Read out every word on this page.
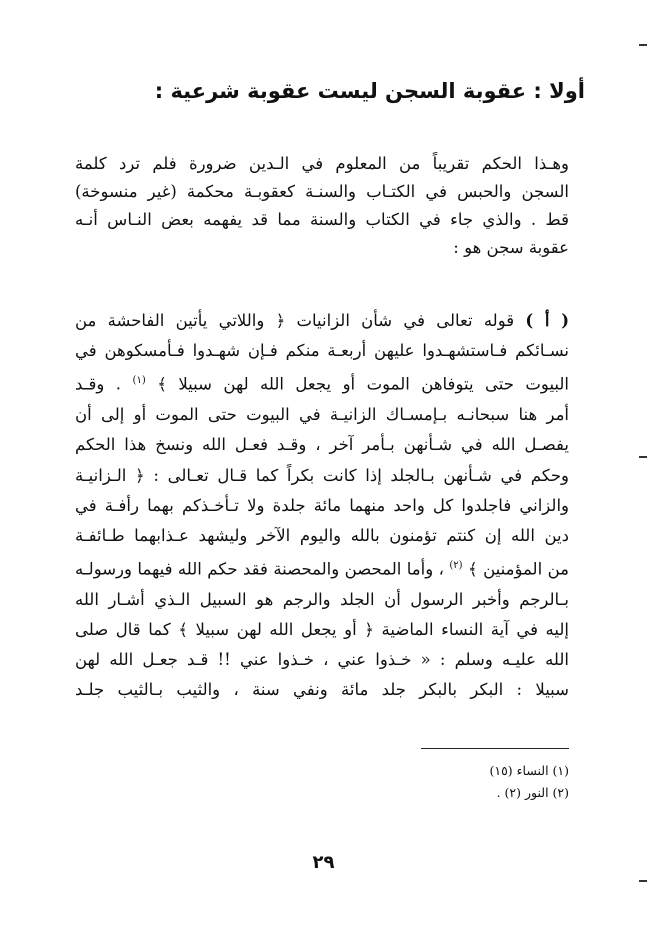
أولا : عقوبة السجن ليست عقوبة شرعية :
وهـذا الحكم تقريباً من المعلوم في الـدين ضرورة فلم ترد كلمة
السجن والحبس في الكتـاب والسنـة كعقوبـة محكمة (غير منسوخة)
قط . والذي جاء في الكتاب والسنة مما قد يفهمه بعض النـاس أنـه
عقوبة سجن هو :
( أ ) قوله تعالى في شأن الزانيات ﴿ واللاتي يأتين الفاحشة من
نسـائكم فـاستشهـدوا عليهن أربعـة منكم فـإن شهـدوا فـأمسكوهن في
البيوت حتى يتوفاهن الموت أو يجعل الله لهن سبيلا ﴾ $^{(١)}$ . وقـد
أمر هنا سبحانـه بـإمسـاك الزانيـة في البيوت حتى الموت أو إلى أن
يفصـل الله في شـأنهن بـأمر آخر ، وقـد فعـل الله ونسخ هذا الحكم
وحكم في شـأنهن بـالجلد إذا كانت بكراً كما قـال تعـالى : ﴿ الـزانيـة
والزاني فاجلدوا كل واحد منهما مائة جلدة ولا تـأخـذكم بهما رأفـة في
دين الله إن كنتم تؤمنون بالله واليوم الآخر وليشهد عـذابهما طـائفـة
من المؤمنين ﴾ $^{(٢)}$ ، وأما المحصن والمحصنة فقد حكم الله فيهما ورسولـه
بـالرجم وأخبر الرسول أن الجلد والرجم هو السبيل الـذي أشـار الله
إليه في آية النساء الماضية ﴿ أو يجعل الله لهن سبيلا ﴾ كما قال صلى
الله عليـه وسلم : « خـذوا عني ، خـذوا عني !! قـد جعـل الله لهن
سبيلا : البكر بالبكر جلد مائة ونفي سنة ، والثيب بـالثيب جلـد
(١) النساء (١٥)
(٢) النور (٢) .
٢٩
